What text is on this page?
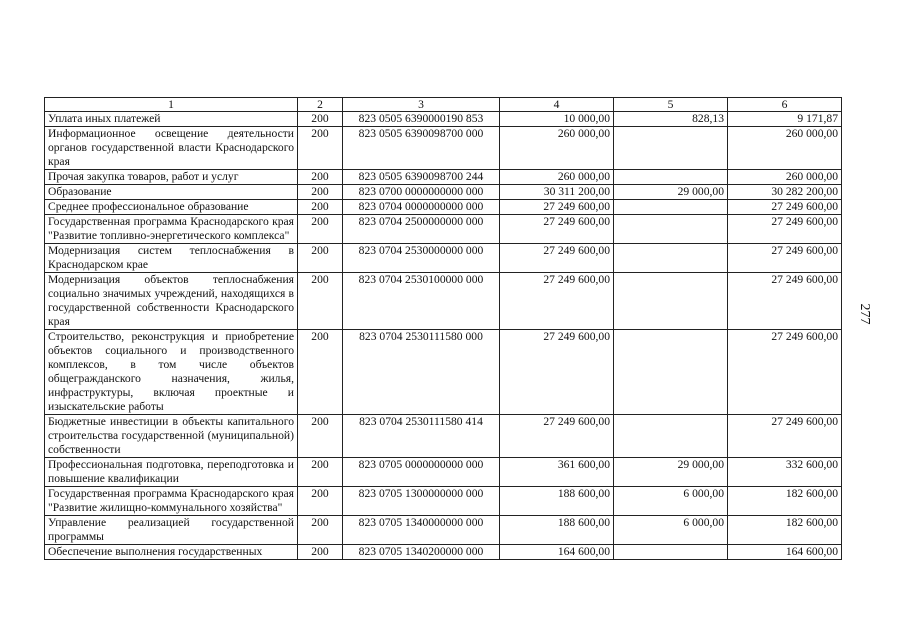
1	2	3	4	5	6
Уплата иных платежей	200	823 0505 6390000190 853	10 000,00	828,13	9 171,87
Информационное освещение деятельности органов государственной власти Краснодарского края	200	823 0505 6390098700 000	260 000,00		260 000,00
Прочая закупка товаров, работ и услуг	200	823 0505 6390098700 244	260 000,00		260 000,00
Образование	200	823 0700 0000000000 000	30 311 200,00	29 000,00	30 282 200,00
Среднее профессиональное образование	200	823 0704 0000000000 000	27 249 600,00		27 249 600,00
Государственная программа Краснодарского края "Развитие топливно-энергетического комплекса"	200	823 0704 2500000000 000	27 249 600,00		27 249 600,00
Модернизация систем теплоснабжения в Краснодарском крае	200	823 0704 2530000000 000	27 249 600,00		27 249 600,00
Модернизация объектов теплоснабжения социально значимых учреждений, находящихся в государственной собственности Краснодарского края	200	823 0704 2530100000 000	27 249 600,00		27 249 600,00
Строительство, реконструкция и приобретение объектов социального и производственного комплексов, в том числе объектов общегражданского назначения, жилья, инфраструктуры, включая проектные и изыскательские работы	200	823 0704 2530111580 000	27 249 600,00		27 249 600,00
Бюджетные инвестиции в объекты капитального строительства государственной (муниципальной) собственности	200	823 0704 2530111580 414	27 249 600,00		27 249 600,00
Профессиональная подготовка, переподготовка и повышение квалификации	200	823 0705 0000000000 000	361 600,00	29 000,00	332 600,00
Государственная программа Краснодарского края "Развитие жилищно-коммунального хозяйства"	200	823 0705 1300000000 000	188 600,00	6 000,00	182 600,00
Управление реализацией государственной программы	200	823 0705 1340000000 000	188 600,00	6 000,00	182 600,00
Обеспечение выполнения государственных	200	823 0705 1340200000 000	164 600,00		164 600,00
277
